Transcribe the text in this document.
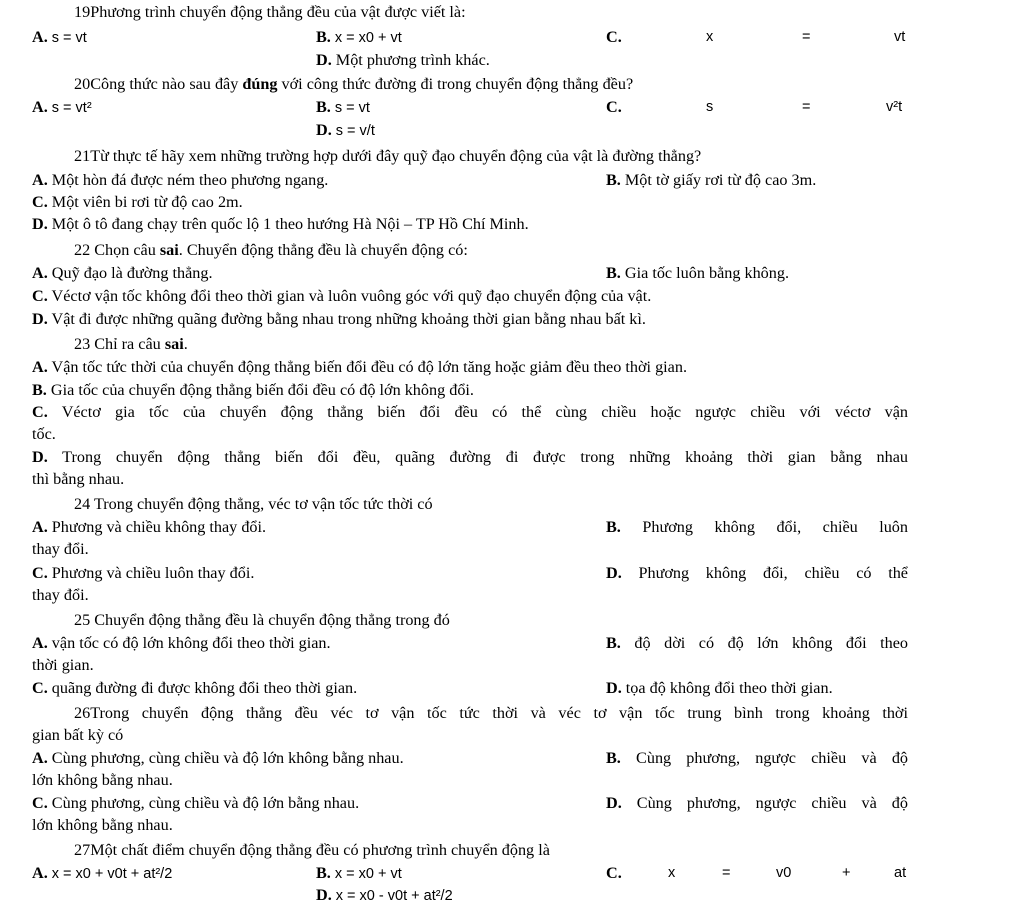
19Phương trình chuyển động thẳng đều của vật được viết là:
A. s = vt	B. x = x0 + vt	C.	x	=	vt
D. Một phương trình khác.
20Công thức nào sau đây đúng với công thức đường đi trong chuyển động thẳng đều?
A. s = vt²	B. s = vt	C.	s	=	v²t
D. s = v/t
21Từ thực tế hãy xem những trường hợp dưới đây quỹ đạo chuyển động của vật là đường thẳng?
A. Một hòn đá được ném theo phương ngang.	B. Một tờ giấy rơi từ độ cao 3m.
C. Một viên bi rơi từ độ cao 2m.
D. Một ô tô đang chạy trên quốc lộ 1 theo hướng Hà Nội – TP Hồ Chí Minh.
22 Chọn câu sai. Chuyển động thẳng đều là chuyển động có:
A. Quỹ đạo là đường thẳng.	B. Gia tốc luôn bằng không.
C. Véctơ vận tốc không đổi theo thời gian và luôn vuông góc với quỹ đạo chuyển động của vật.
D. Vật đi được những quãng đường bằng nhau trong những khoảng thời gian bằng nhau bất kì.
23 Chỉ ra câu sai.
A. Vận tốc tức thời của chuyển động thẳng biến đổi đều có độ lớn tăng hoặc giảm đều theo thời gian.
B. Gia tốc của chuyển động thẳng biến đổi đều có độ lớn không đổi.
C. Véctơ gia tốc của chuyển động thẳng biến đổi đều có thể cùng chiều hoặc ngược chiều với véctơ vận
tốc.
D. Trong chuyển động thẳng biến đổi đều, quãng đường đi được trong những khoảng thời gian bằng nhau
thì bằng nhau.
24 Trong chuyển động thẳng, véc tơ vận tốc tức thời có
A. Phương và chiều không thay đổi.	B. Phương không đổi, chiều luôn
thay đổi.
C. Phương và chiều luôn thay đổi.	D. Phương không đổi, chiều có thể
thay đổi.
25 Chuyển động thẳng đều là chuyển động thẳng trong đó
A. vận tốc có độ lớn không đổi theo thời gian.	B. độ dời có độ lớn không đổi theo
thời gian.
C. quãng đường đi được không đổi theo thời gian.	D. tọa độ không đổi theo thời gian.
26Trong chuyển động thẳng đều véc tơ vận tốc tức thời và véc tơ vận tốc trung bình trong khoảng thời
gian bất kỳ có
A. Cùng phương, cùng chiều và độ lớn không bằng nhau.	B. Cùng phương, ngược chiều và độ
lớn không bằng nhau.
C. Cùng phương, cùng chiều và độ lớn bằng nhau.	D. Cùng phương, ngược chiều và độ
lớn không bằng nhau.
27Một chất điểm chuyển động thẳng đều có phương trình chuyển động là
A. x = x0 + v0t + at²/2	B. x = x0 + vt	C.	x	=	v0	+	at
D. x = x0 - v0t + at²/2
